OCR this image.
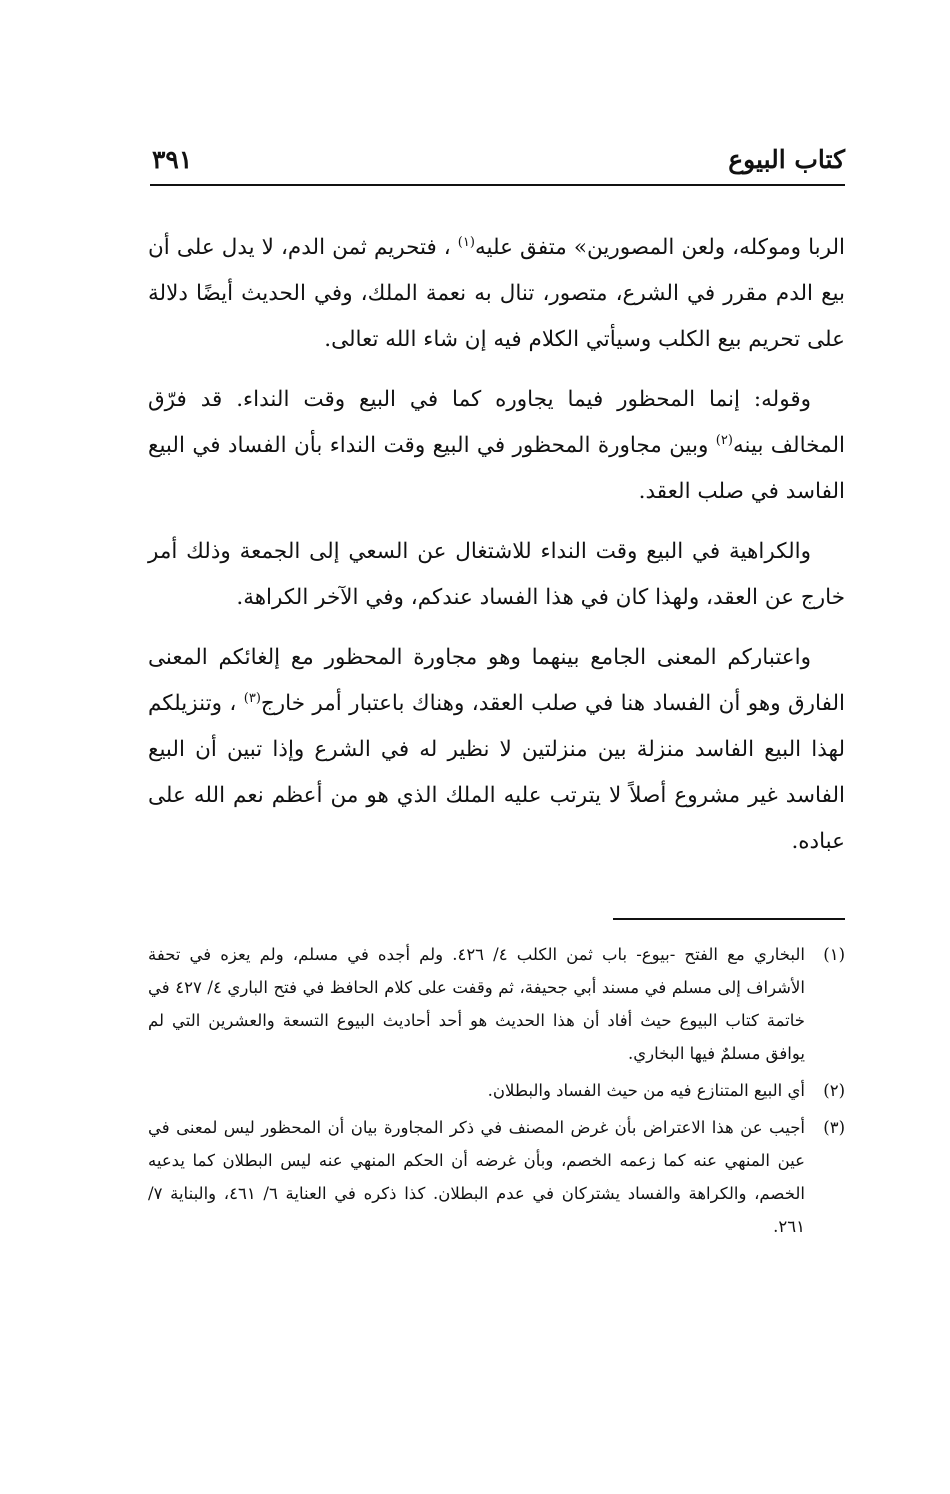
كتاب البيوع
٣٩١

الربا وموكله، ولعن المصورين» متفق عليه$^{(١)}$ ، فتحريم ثمن الدم، لا يدل على أن بيع الدم مقرر في الشرع، متصور، تنال به نعمة الملك، وفي الحديث أيضًا دلالة على تحريم بيع الكلب وسيأتي الكلام فيه إن شاء الله تعالى.

وقوله: إنما المحظور فيما يجاوره كما في البيع وقت النداء. قد فرّق المخالف بينه$^{(٢)}$ وبين مجاورة المحظور في البيع وقت النداء بأن الفساد في البيع الفاسد في صلب العقد.

والكراهية في البيع وقت النداء للاشتغال عن السعي إلى الجمعة وذلك أمر خارج عن العقد، ولهذا كان في هذا الفساد عندكم، وفي الآخر الكراهة.

واعتباركم المعنى الجامع بينهما وهو مجاورة المحظور مع إلغائكم المعنى الفارق وهو أن الفساد هنا في صلب العقد، وهناك باعتبار أمر خارج$^{(٣)}$ ، وتنزيلكم لهذا البيع الفاسد منزلة بين منزلتين لا نظير له في الشرع وإذا تبين أن البيع الفاسد غير مشروع أصلاً لا يترتب عليه الملك الذي هو من أعظم نعم الله على عباده.

(١)
البخاري مع الفتح -بيوع- باب ثمن الكلب ٤/ ٤٢٦. ولم أجده في مسلم، ولم يعزه في تحفة الأشراف إلى مسلم في مسند أبي جحيفة، ثم وقفت على كلام الحافظ في فتح الباري ٤/ ٤٢٧ في خاتمة كتاب البيوع حيث أفاد أن هذا الحديث هو أحد أحاديث البيوع التسعة والعشرين التي لم يوافق مسلمٌ فيها البخاري.
(٢)
أي البيع المتنازع فيه من حيث الفساد والبطلان.
(٣)
أجيب عن هذا الاعتراض بأن غرض المصنف في ذكر المجاورة بيان أن المحظور ليس لمعنى في عين المنهي عنه كما زعمه الخصم، وبأن غرضه أن الحكم المنهي عنه ليس البطلان كما يدعيه الخصم، والكراهة والفساد يشتركان في عدم البطلان. كذا ذكره في العناية ٦/ ٤٦١، والبناية ٧/ ٢٦١.
